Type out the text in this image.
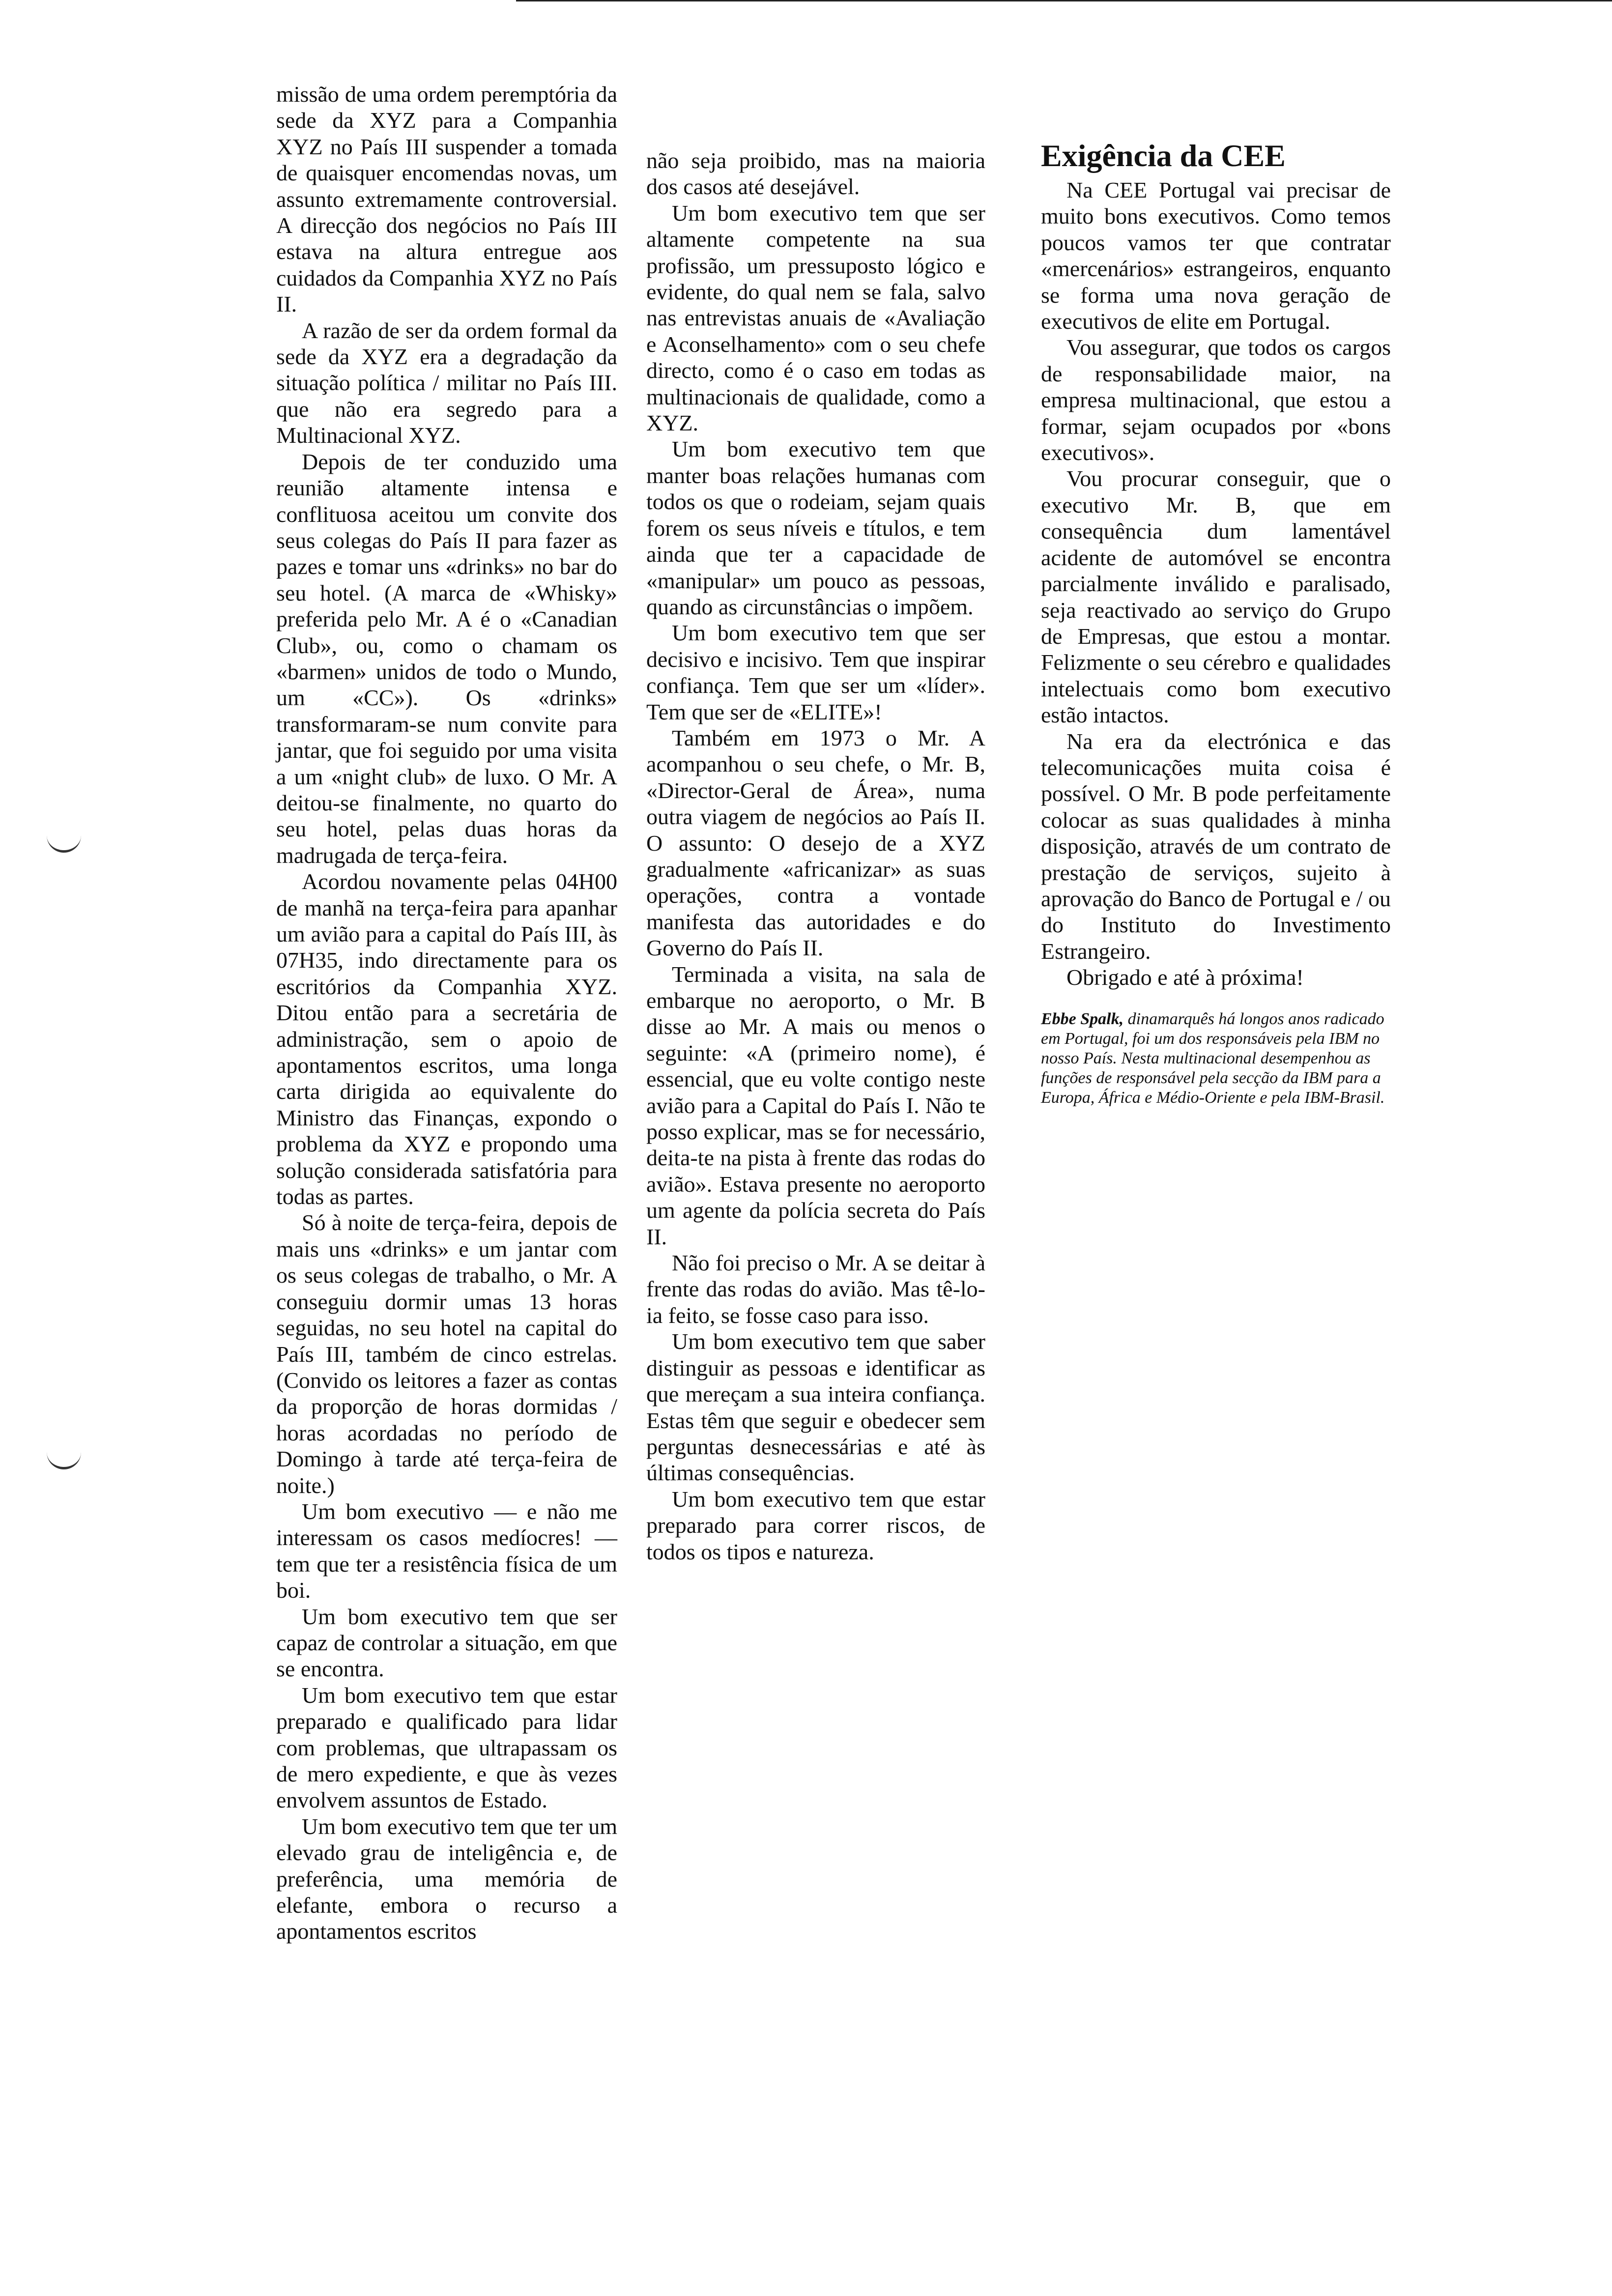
missão de uma ordem peremptória da sede da XYZ para a Companhia XYZ no País III suspender a tomada de quaisquer encomendas novas, um assunto extremamente controversial. A direcção dos negócios no País III estava na altura entregue aos cuidados da Companhia XYZ no País II.

A razão de ser da ordem formal da sede da XYZ era a degradação da situação política / militar no País III. que não era segredo para a Multinacional XYZ.

Depois de ter conduzido uma reunião altamente intensa e conflituosa aceitou um convite dos seus colegas do País II para fazer as pazes e tomar uns «drinks» no bar do seu hotel. (A marca de «Whisky» preferida pelo Mr. A é o «Canadian Club», ou, como o chamam os «barmen» unidos de todo o Mundo, um «CC»). Os «drinks» transformaram-se num convite para jantar, que foi seguido por uma visita a um «night club» de luxo. O Mr. A deitou-se finalmente, no quarto do seu hotel, pelas duas horas da madrugada de terça-feira.

Acordou novamente pelas 04H00 de manhã na terça-feira para apanhar um avião para a capital do País III, às 07H35, indo directamente para os escritórios da Companhia XYZ. Ditou então para a secretária de administração, sem o apoio de apontamentos escritos, uma longa carta dirigida ao equivalente do Ministro das Finanças, expondo o problema da XYZ e propondo uma solução considerada satisfatória para todas as partes.

Só à noite de terça-feira, depois de mais uns «drinks» e um jantar com os seus colegas de trabalho, o Mr. A conseguiu dormir umas 13 horas seguidas, no seu hotel na capital do País III, também de cinco estrelas. (Convido os leitores a fazer as contas da proporção de horas dormidas / horas acordadas no período de Domingo à tarde até terça-feira de noite.)

Um bom executivo — e não me interessam os casos medíocres! — tem que ter a resistência física de um boi.

Um bom executivo tem que ser capaz de controlar a situação, em que se encontra.

Um bom executivo tem que estar preparado e qualificado para lidar com problemas, que ultrapassam os de mero expediente, e que às vezes envolvem assuntos de Estado.

Um bom executivo tem que ter um elevado grau de inteligência e, de preferência, uma memória de elefante, embora o recurso a apontamentos escritos

não seja proibido, mas na maioria dos casos até desejável.

Um bom executivo tem que ser altamente competente na sua profissão, um pressuposto lógico e evidente, do qual nem se fala, salvo nas entrevistas anuais de «Avaliação e Aconselhamento» com o seu chefe directo, como é o caso em todas as multinacionais de qualidade, como a XYZ.

Um bom executivo tem que manter boas relações humanas com todos os que o rodeiam, sejam quais forem os seus níveis e títulos, e tem ainda que ter a capacidade de «manipular» um pouco as pessoas, quando as circunstâncias o impõem.

Um bom executivo tem que ser decisivo e incisivo. Tem que inspirar confiança. Tem que ser um «líder». Tem que ser de «ELITE»!

Também em 1973 o Mr. A acompanhou o seu chefe, o Mr. B, «Director-Geral de Área», numa outra viagem de negócios ao País II. O assunto: O desejo de a XYZ gradualmente «africanizar» as suas operações, contra a vontade manifesta das autoridades e do Governo do País II.

Terminada a visita, na sala de embarque no aeroporto, o Mr. B disse ao Mr. A mais ou menos o seguinte: «A (primeiro nome), é essencial, que eu volte contigo neste avião para a Capital do País I. Não te posso explicar, mas se for necessário, deita-te na pista à frente das rodas do avião». Estava presente no aeroporto um agente da polícia secreta do País II.

Não foi preciso o Mr. A se deitar à frente das rodas do avião. Mas tê-lo-ia feito, se fosse caso para isso.

Um bom executivo tem que saber distinguir as pessoas e identificar as que mereçam a sua inteira confiança. Estas têm que seguir e obedecer sem perguntas desnecessárias e até às últimas consequências.

Um bom executivo tem que estar preparado para correr riscos, de todos os tipos e natureza.

Exigência da CEE

Na CEE Portugal vai precisar de muito bons executivos. Como temos poucos vamos ter que contratar «mercenários» estrangeiros, enquanto se forma uma nova geração de executivos de elite em Portugal.

Vou assegurar, que todos os cargos de responsabilidade maior, na empresa multinacional, que estou a formar, sejam ocupados por «bons executivos».

Vou procurar conseguir, que o executivo Mr. B, que em consequência dum lamentável acidente de automóvel se encontra parcialmente inválido e paralisado, seja reactivado ao serviço do Grupo de Empresas, que estou a montar. Felizmente o seu cérebro e qualidades intelectuais como bom executivo estão intactos.

Na era da electrónica e das telecomunicações muita coisa é possível. O Mr. B pode perfeitamente colocar as suas qualidades à minha disposição, através de um contrato de prestação de serviços, sujeito à aprovação do Banco de Portugal e / ou do Instituto do Investimento Estrangeiro.

Obrigado e até à próxima!

Ebbe Spalk, dinamarquês há longos anos radicado em Portugal, foi um dos responsáveis pela IBM no nosso País. Nesta multinacional desempenhou as funções de responsável pela secção da IBM para a Europa, África e Médio-Oriente e pela IBM-Brasil.
